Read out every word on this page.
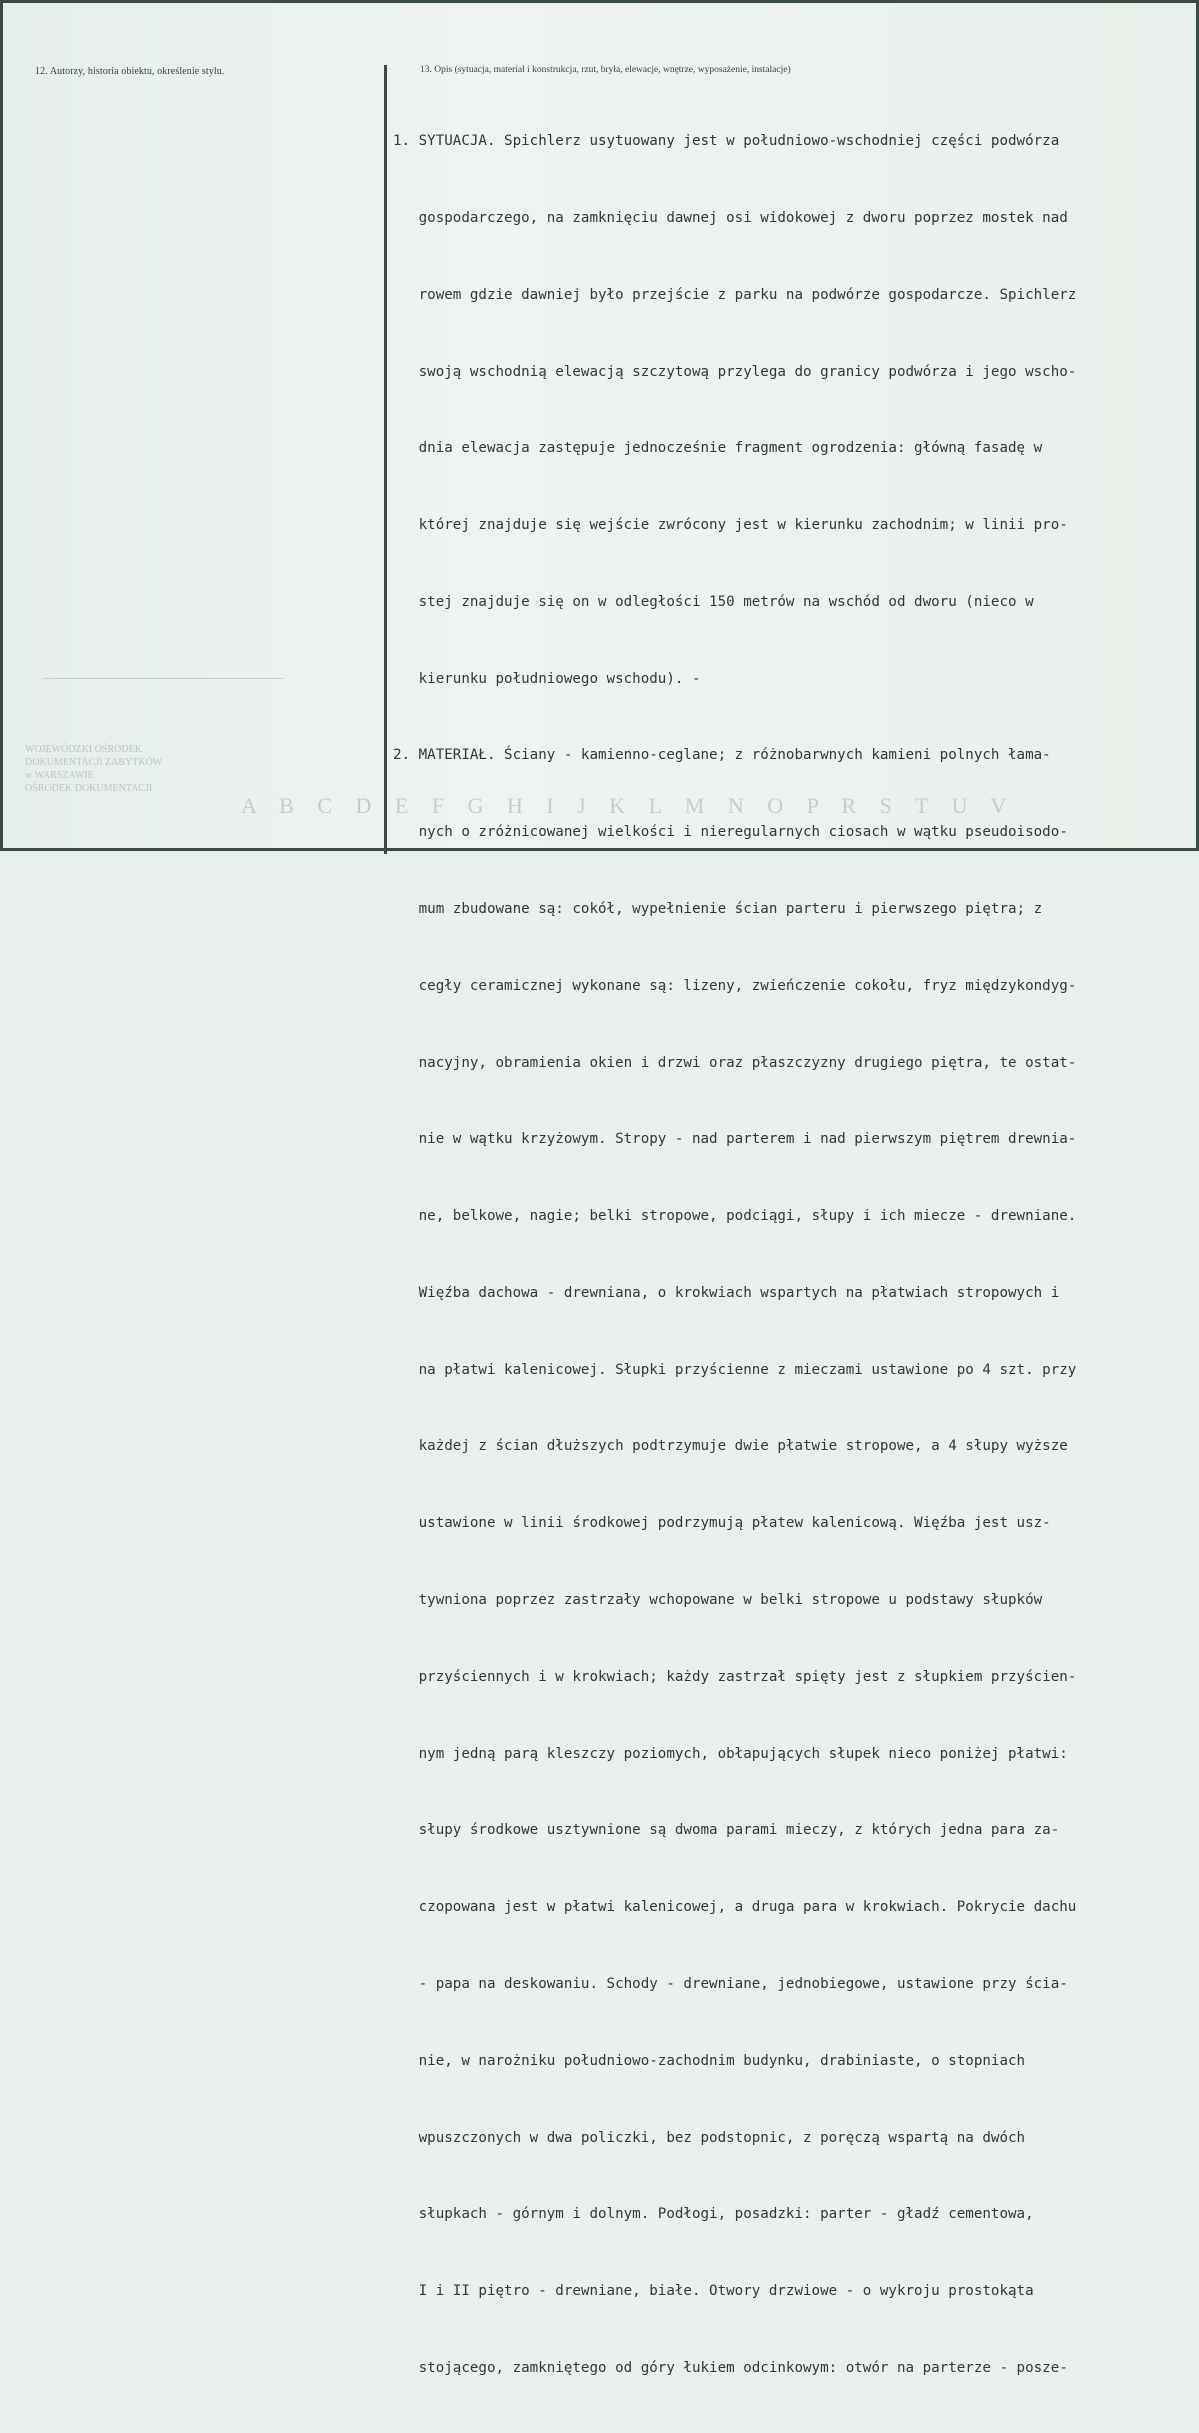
12. Autorzy, historia obiektu, określenie stylu.
WOJEWÓDZKI OŚRODEK
DOKUMENTACJI ZABYTKÓW
w WARSZAWIE
OŚRODEK DOKUMENTACJI
A B C D E F G H I J K L M N O P R S T U V
13. Opis (sytuacja, materiał i konstrukcja, rzut, bryła, elewacje, wnętrze, wyposażenie, instalacje)

1. SYTUACJA. Spichlerz usytuowany jest w południowo-wschodniej części podwórza

gospodarczego, na zamknięciu dawnej osi widokowej z dworu poprzez mostek nad

rowem gdzie dawniej było przejście z parku na podwórze gospodarcze. Spichlerz

swoją wschodnią elewacją szczytową przylega do granicy podwórza i jego wscho-

dnia elewacja zastępuje jednocześnie fragment ogrodzenia: główną fasadę w

której znajduje się wejście zwrócony jest w kierunku zachodnim; w linii pro-

stej znajduje się on w odległości 150 metrów na wschód od dworu (nieco w

kierunku południowego wschodu). -

2. MATERIAŁ. Ściany - kamienno-ceglane; z różnobarwnych kamieni polnych łama-

nych o zróżnicowanej wielkości i nieregularnych ciosach w wątku pseudoisodo-

mum zbudowane są: cokół, wypełnienie ścian parteru i pierwszego piętra; z

cegły ceramicznej wykonane są: lizeny, zwieńczenie cokołu, fryz międzykondyg-

nacyjny, obramienia okien i drzwi oraz płaszczyzny drugiego piętra, te ostat-

nie w wątku krzyżowym. Stropy - nad parterem i nad pierwszym piętrem drewnia-

ne, belkowe, nagie; belki stropowe, podciągi, słupy i ich miecze - drewniane.

Więźba dachowa - drewniana, o krokwiach wspartych na płatwiach stropowych i

na płatwi kalenicowej. Słupki przyścienne z mieczami ustawione po 4 szt. przy

każdej z ścian dłuższych podtrzymuje dwie płatwie stropowe, a 4 słupy wyższe

ustawione w linii środkowej podrzymują płatew kalenicową. Więźba jest usz-

tywniona poprzez zastrzały wchopowane w belki stropowe u podstawy słupków

przyściennych i w krokwiach; każdy zastrzał spięty jest z słupkiem przyścien-

nym jedną parą kleszczy poziomych, obłapujących słupek nieco poniżej płatwi:

słupy środkowe usztywnione są dwoma parami mieczy, z których jedna para za-

czopowana jest w płatwi kalenicowej, a druga para w krokwiach. Pokrycie dachu

- papa na deskowaniu. Schody - drewniane, jednobiegowe, ustawione przy ścia-

nie, w narożniku południowo-zachodnim budynku, drabiniaste, o stopniach

wpuszczonych w dwa policzki, bez podstopnic, z poręczą wspartą na dwóch

słupkach - górnym i dolnym. Podłogi, posadzki: parter - gładź cementowa,

I i II piętro - drewniane, białe. Otwory drzwiowe - o wykroju prostokąta

stojącego, zamkniętego od góry łukiem odcinkowym: otwór na parterze - posze-
